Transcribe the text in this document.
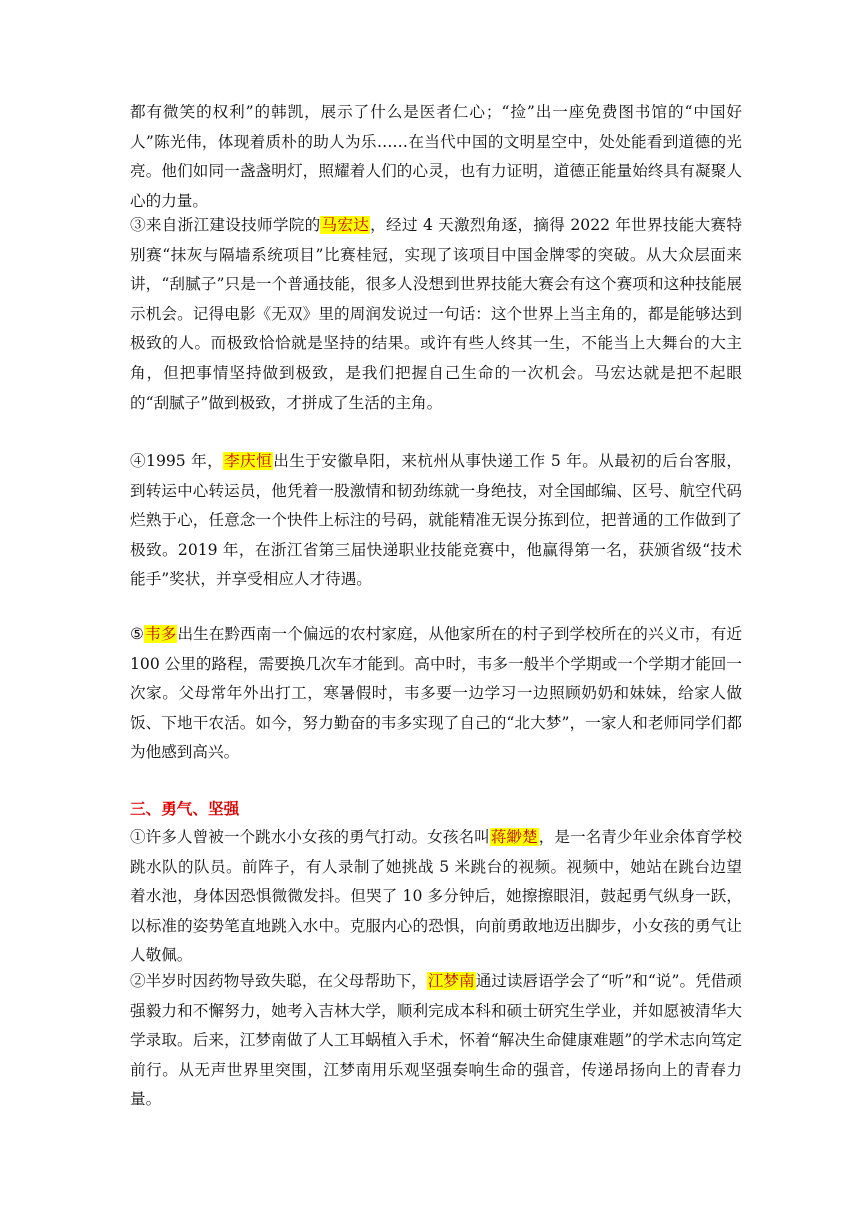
都有微笑的权利”的韩凯，展示了什么是医者仁心；“捡”出一座免费图书馆的“中国好人”陈光伟，体现着质朴的助人为乐……在当代中国的文明星空中，处处能看到道德的光亮。他们如同一盏盏明灯，照耀着人们的心灵，也有力证明，道德正能量始终具有凝聚人心的力量。

③来自浙江建设技师学院的马宏达，经过 4 天激烈角逐，摘得 2022 年世界技能大赛特别赛“抹灰与隔墙系统项目”比赛桂冠，实现了该项目中国金牌零的突破。从大众层面来讲，“刮腻子”只是一个普通技能，很多人没想到世界技能大赛会有这个赛项和这种技能展示机会。记得电影《无双》里的周润发说过一句话：这个世界上当主角的，都是能够达到极致的人。而极致恰恰就是坚持的结果。或许有些人终其一生，不能当上大舞台的大主角，但把事情坚持做到极致，是我们把握自己生命的一次机会。马宏达就是把不起眼的“刮腻子”做到极致，才拼成了生活的主角。

④1995 年，李庆恒出生于安徽阜阳，来杭州从事快递工作 5 年。从最初的后台客服，到转运中心转运员，他凭着一股激情和韧劲练就一身绝技，对全国邮编、区号、航空代码烂熟于心，任意念一个快件上标注的号码，就能精准无误分拣到位，把普通的工作做到了极致。2019 年，在浙江省第三届快递职业技能竞赛中，他赢得第一名，获颁省级“技术能手”奖状，并享受相应人才待遇。

⑤韦多出生在黔西南一个偏远的农村家庭，从他家所在的村子到学校所在的兴义市，有近 100 公里的路程，需要换几次车才能到。高中时，韦多一般半个学期或一个学期才能回一次家。父母常年外出打工，寒暑假时，韦多要一边学习一边照顾奶奶和妹妹，给家人做饭、下地干农活。如今，努力勤奋的韦多实现了自己的“北大梦”，一家人和老师同学们都为他感到高兴。

三、勇气、坚强

①许多人曾被一个跳水小女孩的勇气打动。女孩名叫蒋緲楚，是一名青少年业余体育学校跳水队的队员。前阵子，有人录制了她挑战 5 米跳台的视频。视频中，她站在跳台边望着水池，身体因恐惧微微发抖。但哭了 10 多分钟后，她擦擦眼泪，鼓起勇气纵身一跃，以标准的姿势笔直地跳入水中。克服内心的恐惧，向前勇敢地迈出脚步，小女孩的勇气让人敬佩。

②半岁时因药物导致失聪，在父母帮助下，江梦南通过读唇语学会了“听”和“说”。凭借顽强毅力和不懈努力，她考入吉林大学，顺利完成本科和硕士研究生学业，并如愿被清华大学录取。后来，江梦南做了人工耳蜗植入手术，怀着“解决生命健康难题”的学术志向笃定前行。从无声世界里突围，江梦南用乐观坚强奏响生命的强音，传递昂扬向上的青春力量。
